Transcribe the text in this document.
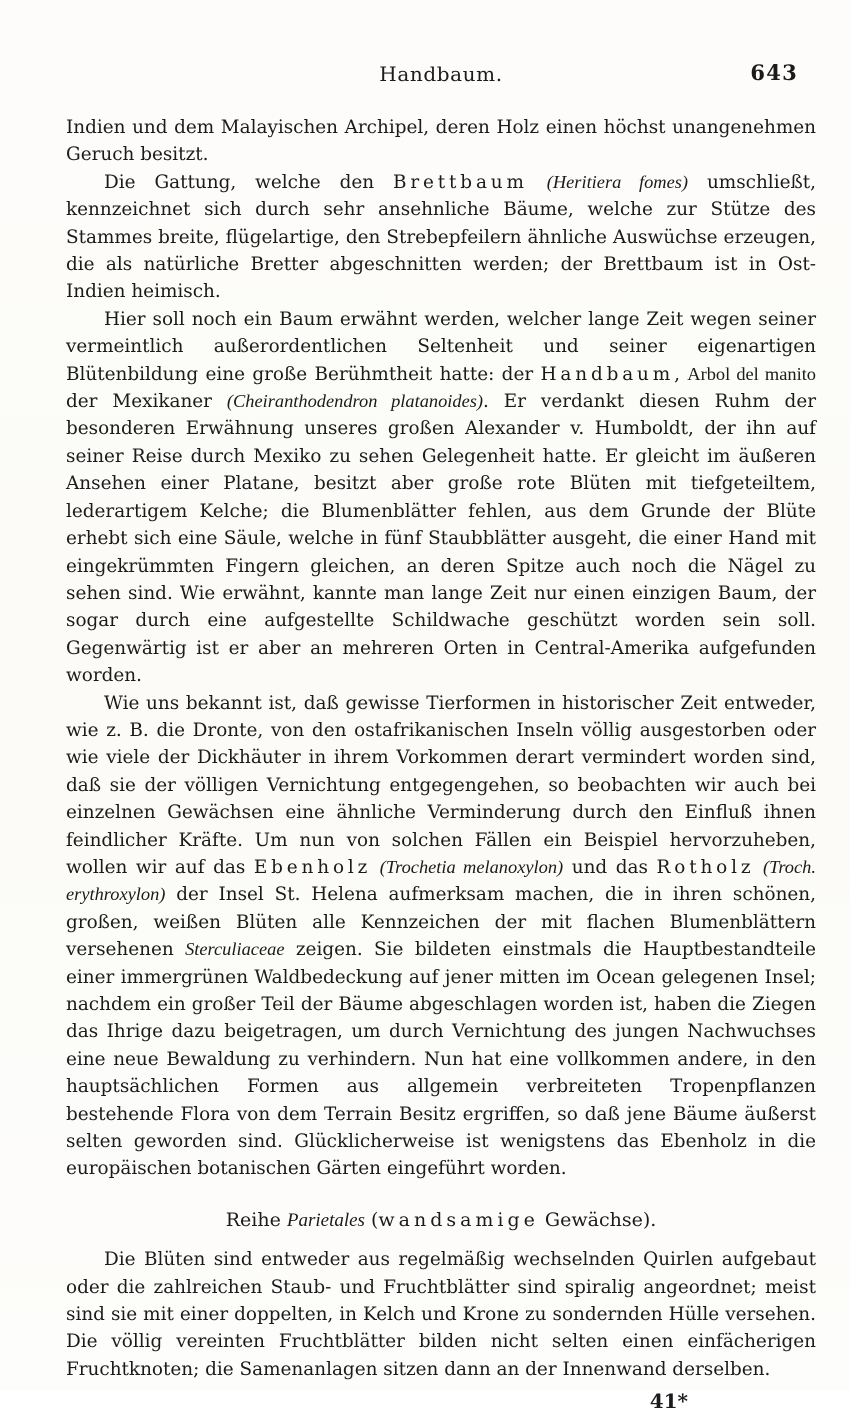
Handbaum.	643

Indien und dem Malayischen Archipel, deren Holz einen höchst unangenehmen Geruch besitzt.

Die Gattung, welche den Brettbaum (Heritiera fomes) umschließt, kennzeichnet sich durch sehr ansehnliche Bäume, welche zur Stütze des Stammes breite, flügelartige, den Strebepfeilern ähnliche Auswüchse erzeugen, die als natürliche Bretter abgeschnitten werden; der Brettbaum ist in Ost-Indien heimisch.

Hier soll noch ein Baum erwähnt werden, welcher lange Zeit wegen seiner vermeintlich außerordentlichen Seltenheit und seiner eigenartigen Blütenbildung eine große Berühmtheit hatte: der Handbaum, Arbol del manito der Mexikaner (Cheiranthodendron platanoides). Er verdankt diesen Ruhm der besonderen Erwähnung unseres großen Alexander v. Humboldt, der ihn auf seiner Reise durch Mexiko zu sehen Gelegenheit hatte. Er gleicht im äußeren Ansehen einer Platane, besitzt aber große rote Blüten mit tiefgeteiltem, lederartigem Kelche; die Blumenblätter fehlen, aus dem Grunde der Blüte erhebt sich eine Säule, welche in fünf Staubblätter ausgeht, die einer Hand mit eingekrümmten Fingern gleichen, an deren Spitze auch noch die Nägel zu sehen sind. Wie erwähnt, kannte man lange Zeit nur einen einzigen Baum, der sogar durch eine aufgestellte Schildwache geschützt worden sein soll. Gegenwärtig ist er aber an mehreren Orten in Central-Amerika aufgefunden worden.

Wie uns bekannt ist, daß gewisse Tierformen in historischer Zeit entweder, wie z. B. die Dronte, von den ostafrikanischen Inseln völlig ausgestorben oder wie viele der Dickhäuter in ihrem Vorkommen derart vermindert worden sind, daß sie der völligen Vernichtung entgegengehen, so beobachten wir auch bei einzelnen Gewächsen eine ähnliche Verminderung durch den Einfluß ihnen feindlicher Kräfte. Um nun von solchen Fällen ein Beispiel hervorzuheben, wollen wir auf das Ebenholz (Trochetia melanoxylon) und das Rotholz (Troch. erythroxylon) der Insel St. Helena aufmerksam machen, die in ihren schönen, großen, weißen Blüten alle Kennzeichen der mit flachen Blumenblättern versehenen Sterculiaceae zeigen. Sie bildeten einstmals die Hauptbestandteile einer immergrünen Waldbedeckung auf jener mitten im Ocean gelegenen Insel; nachdem ein großer Teil der Bäume abgeschlagen worden ist, haben die Ziegen das Ihrige dazu beigetragen, um durch Vernichtung des jungen Nachwuchses eine neue Bewaldung zu verhindern. Nun hat eine vollkommen andere, in den hauptsächlichen Formen aus allgemein verbreiteten Tropenpflanzen bestehende Flora von dem Terrain Besitz ergriffen, so daß jene Bäume äußerst selten geworden sind. Glücklicherweise ist wenigstens das Ebenholz in die europäischen botanischen Gärten eingeführt worden.

Reihe Parietales (wandsamige Gewächse).

Die Blüten sind entweder aus regelmäßig wechselnden Quirlen aufgebaut oder die zahlreichen Staub- und Fruchtblätter sind spiralig angeordnet; meist sind sie mit einer doppelten, in Kelch und Krone zu sondernden Hülle versehen. Die völlig vereinten Fruchtblätter bilden nicht selten einen einfächerigen Fruchtknoten; die Samenanlagen sitzen dann an der Innenwand derselben.

41*
